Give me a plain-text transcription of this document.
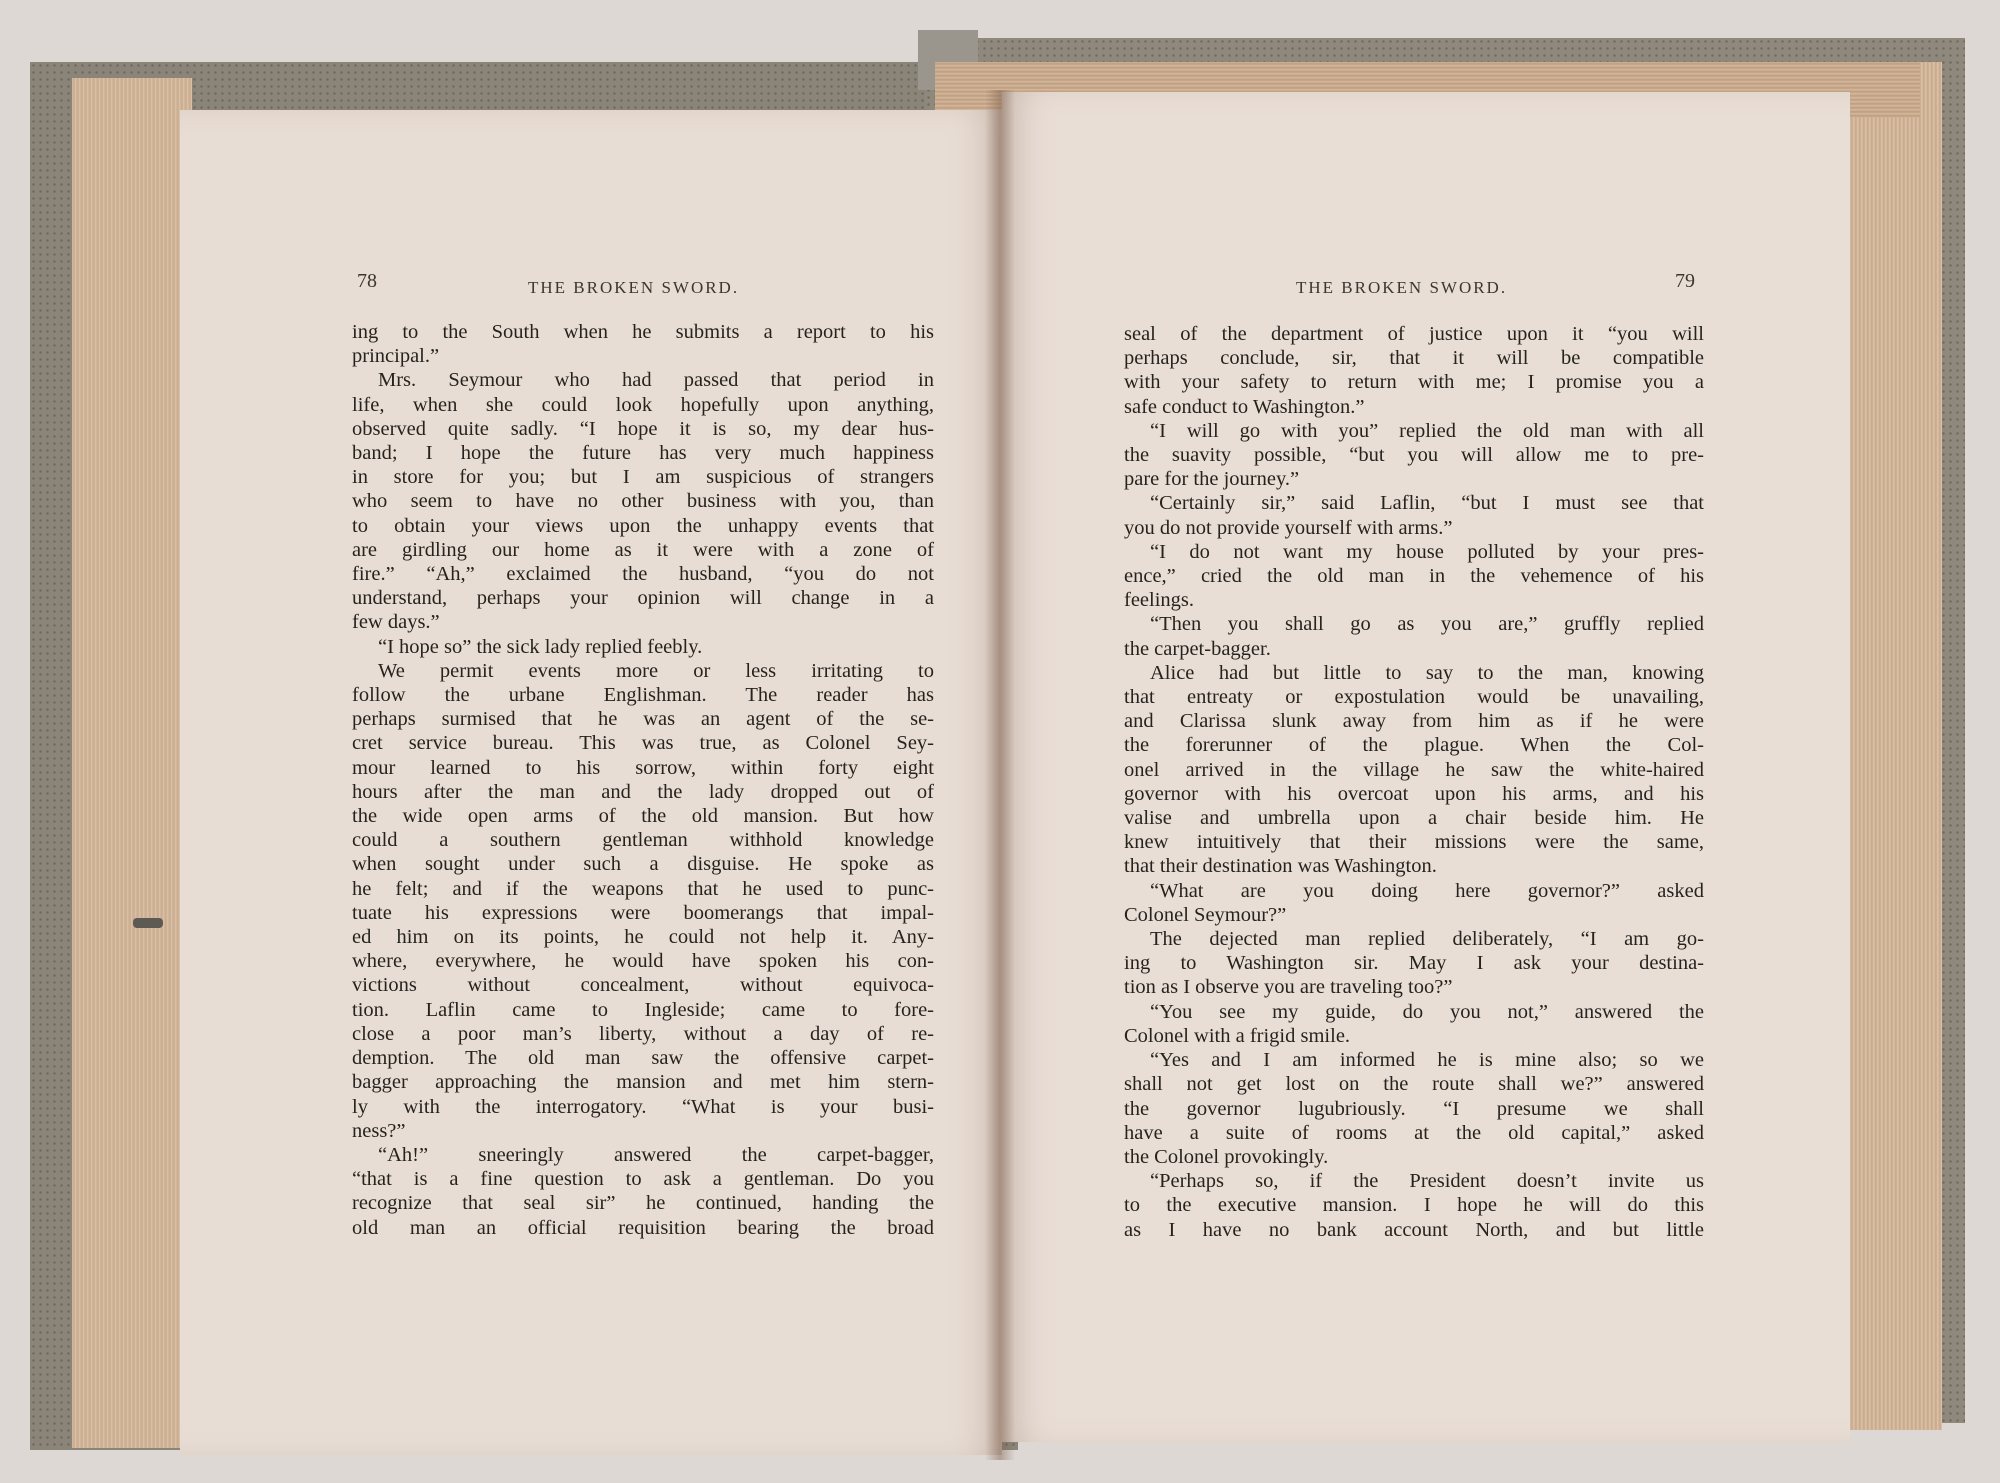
78	THE BROKEN SWORD.
ing to the South when he submits a report to his
principal.”
Mrs. Seymour who had passed that period in
life, when she could look hopefully upon anything,
observed quite sadly. “I hope it is so, my dear hus-
band; I hope the future has very much happiness
in store for you; but I am suspicious of strangers
who seem to have no other business with you, than
to obtain your views upon the unhappy events that
are girdling our home as it were with a zone of
fire.” “Ah,” exclaimed the husband, “you do not
understand, perhaps your opinion will change in a
few days.”
“I hope so” the sick lady replied feebly.
We permit events more or less irritating to
follow the urbane Englishman. The reader has
perhaps surmised that he was an agent of the se-
cret service bureau. This was true, as Colonel Sey-
mour learned to his sorrow, within forty eight
hours after the man and the lady dropped out of
the wide open arms of the old mansion. But how
could a southern gentleman withhold knowledge
when sought under such a disguise. He spoke as
he felt; and if the weapons that he used to punc-
tuate his expressions were boomerangs that impal-
ed him on its points, he could not help it. Any-
where, everywhere, he would have spoken his con-
victions without concealment, without equivoca-
tion. Laflin came to Ingleside; came to fore-
close a poor man’s liberty, without a day of re-
demption. The old man saw the offensive carpet-
bagger approaching the mansion and met him stern-
ly with the interrogatory. “What is your busi-
ness?”
“Ah!” sneeringly answered the carpet-bagger,
“that is a fine question to ask a gentleman. Do you
recognize that seal sir” he continued, handing the
old man an official requisition bearing the broad
THE BROKEN SWORD.	79
seal of the department of justice upon it “you will
perhaps conclude, sir, that it will be compatible
with your safety to return with me; I promise you a
safe conduct to Washington.”
“I will go with you” replied the old man with all
the suavity possible, “but you will allow me to pre-
pare for the journey.”
“Certainly sir,” said Laflin, “but I must see that
you do not provide yourself with arms.”
“I do not want my house polluted by your pres-
ence,” cried the old man in the vehemence of his
feelings.
“Then you shall go as you are,” gruffly replied
the carpet-bagger.
Alice had but little to say to the man, knowing
that entreaty or expostulation would be unavailing,
and Clarissa slunk away from him as if he were
the forerunner of the plague. When the Col-
onel arrived in the village he saw the white-haired
governor with his overcoat upon his arms, and his
valise and umbrella upon a chair beside him. He
knew intuitively that their missions were the same,
that their destination was Washington.
“What are you doing here governor?” asked
Colonel Seymour?”
The dejected man replied deliberately, “I am go-
ing to Washington sir. May I ask your destina-
tion as I observe you are traveling too?”
“You see my guide, do you not,” answered the
Colonel with a frigid smile.
“Yes and I am informed he is mine also; so we
shall not get lost on the route shall we?” answered
the governor lugubriously. “I presume we shall
have a suite of rooms at the old capital,” asked
the Colonel provokingly.
“Perhaps so, if the President doesn’t invite us
to the executive mansion. I hope he will do this
as I have no bank account North, and but little
